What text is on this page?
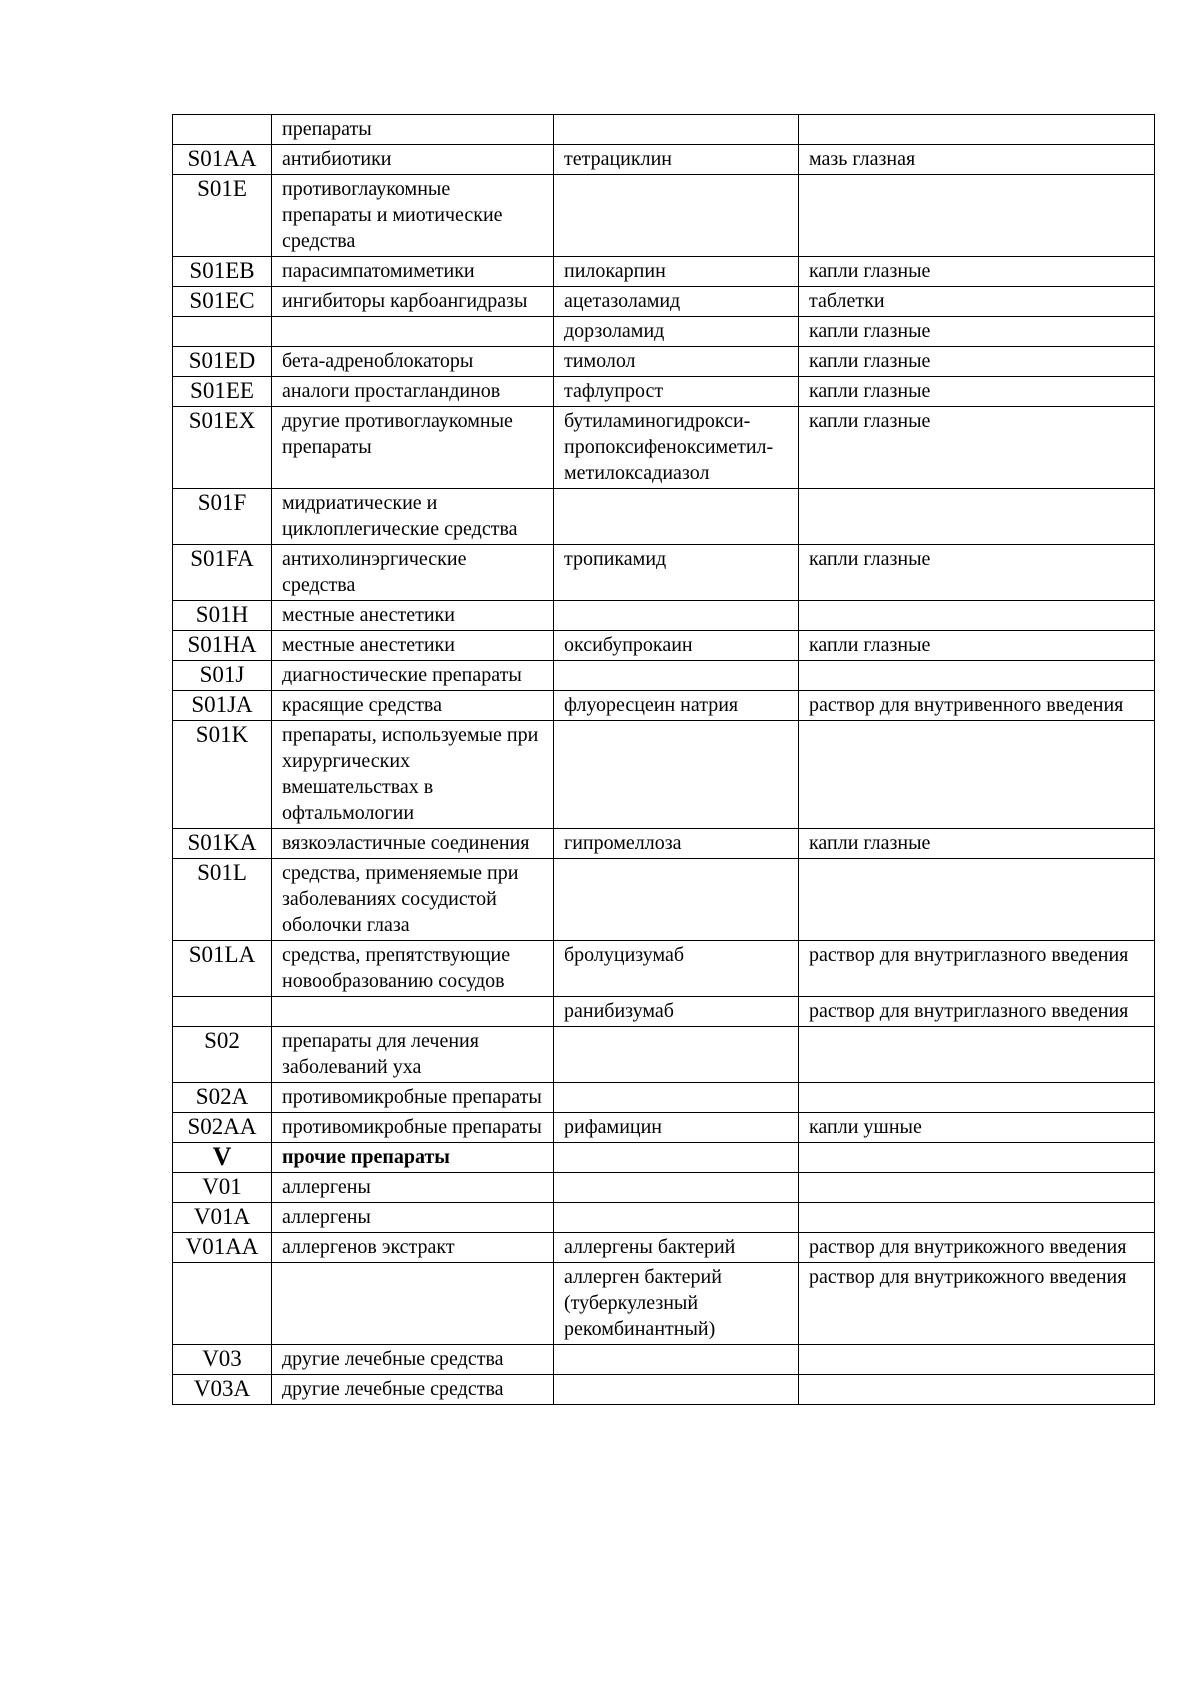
	препараты		
S01AA	антибиотики	тетрациклин	мазь глазная
S01E	противоглаукомные препараты и миотические средства		
S01EB	парасимпатомиметики	пилокарпин	капли глазные
S01EC	ингибиторы карбоангидразы	ацетазоламид	таблетки
		дорзоламид	капли глазные
S01ED	бета-адреноблокаторы	тимолол	капли глазные
S01EE	аналоги простагландинов	тафлупрост	капли глазные
S01EX	другие противоглаукомные препараты	бутиламиногидрокси-пропоксифеноксиметил-метилоксадиазол	капли глазные
S01F	мидриатические и циклоплегические средства		
S01FA	антихолинэргические средства	тропикамид	капли глазные
S01H	местные анестетики		
S01HA	местные анестетики	оксибупрокаин	капли глазные
S01J	диагностические препараты		
S01JA	красящие средства	флуоресцеин натрия	раствор для внутривенного введения
S01K	препараты, используемые при хирургических вмешательствах в офтальмологии		
S01KA	вязкоэластичные соединения	гипромеллоза	капли глазные
S01L	средства, применяемые при заболеваниях сосудистой оболочки глаза		
S01LA	средства, препятствующие новообразованию сосудов	бролуцизумаб	раствор для внутриглазного введения
		ранибизумаб	раствор для внутриглазного введения
S02	препараты для лечения заболеваний уха		
S02A	противомикробные препараты		
S02AA	противомикробные препараты	рифамицин	капли ушные
V	прочие препараты		
V01	аллергены		
V01A	аллергены		
V01AA	аллергенов экстракт	аллергены бактерий	раствор для внутрикожного введения
		аллерген бактерий (туберкулезный рекомбинантный)	раствор для внутрикожного введения
V03	другие лечебные средства		
V03A	другие лечебные средства		
